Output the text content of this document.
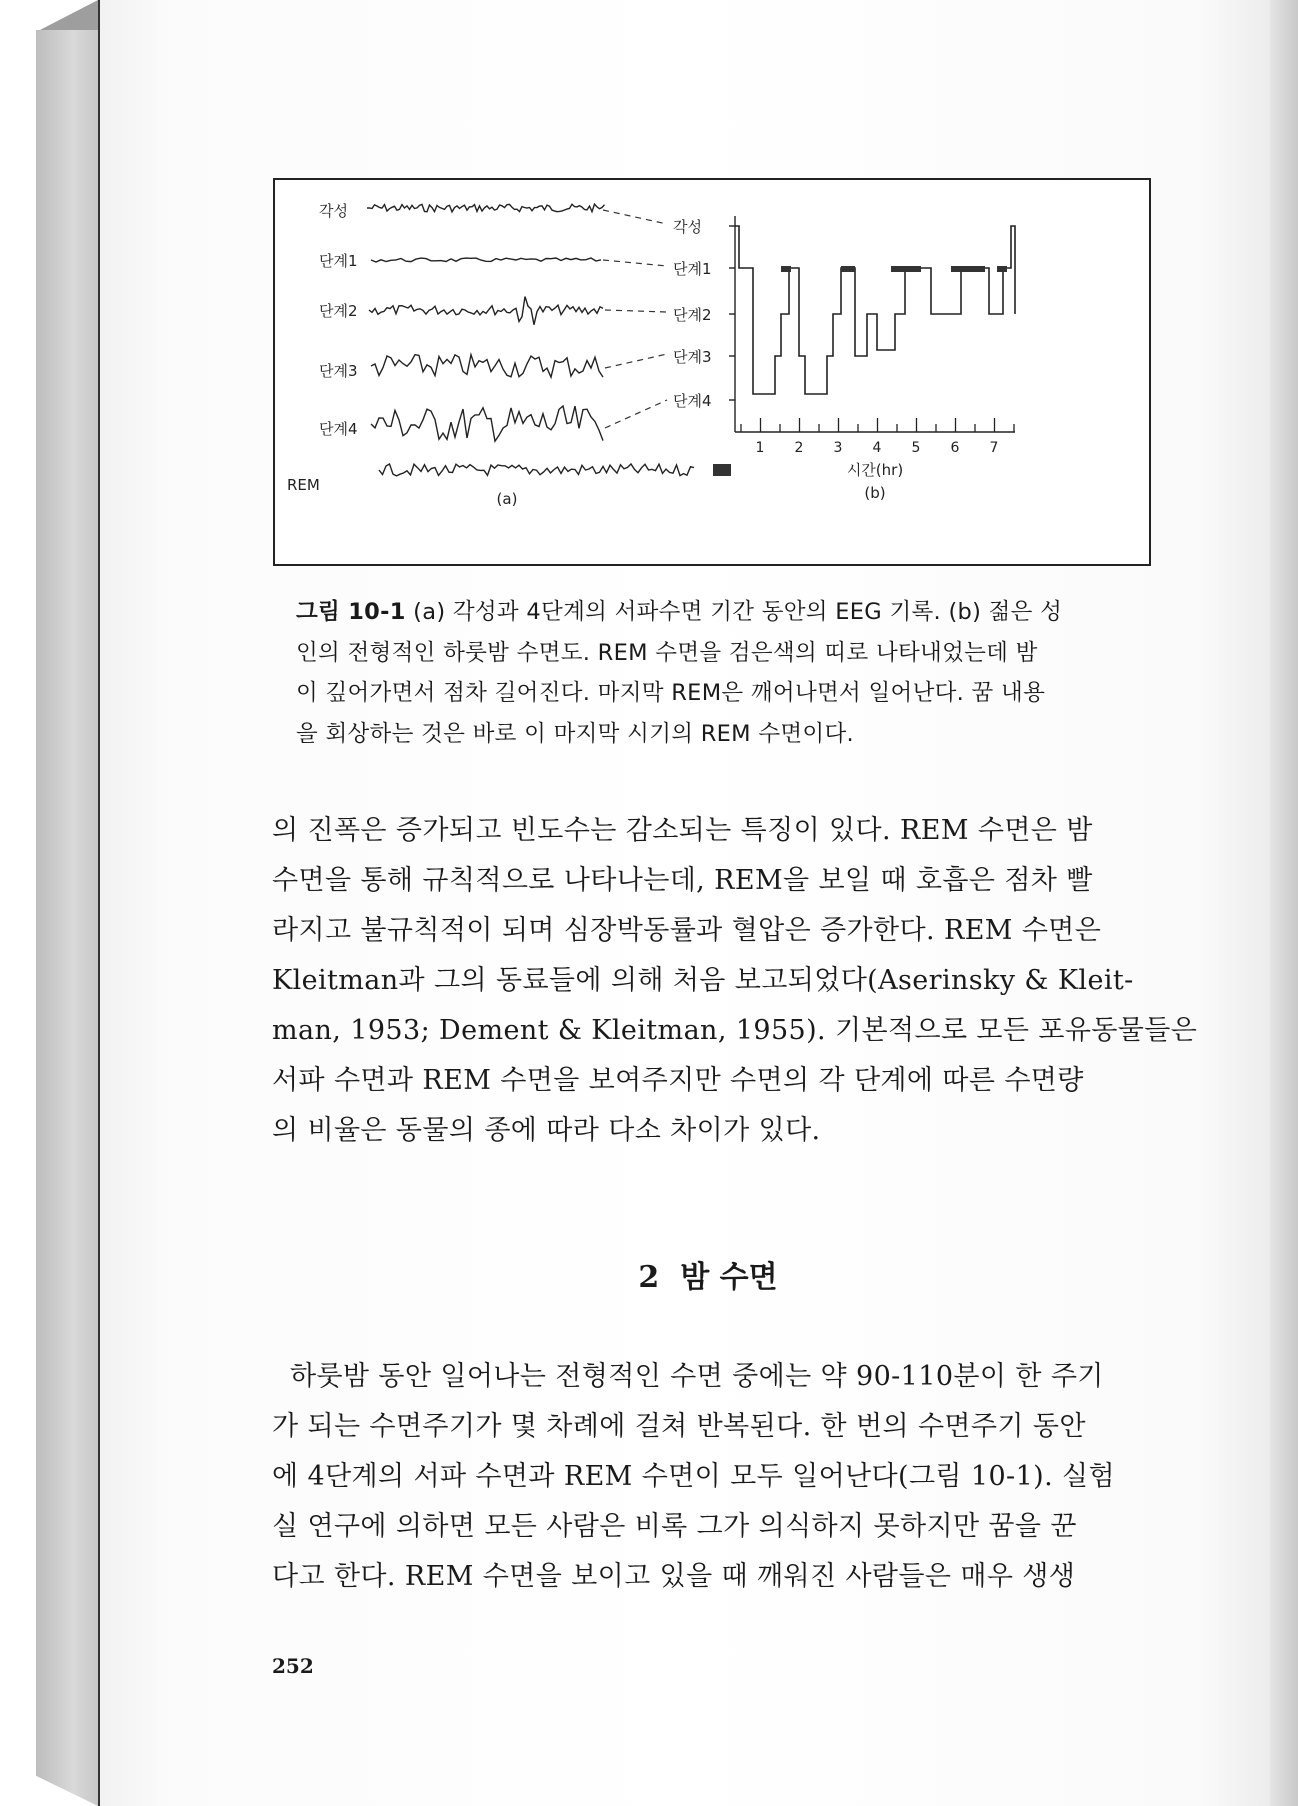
각성
단계1
단계2
단계3
단계4
REM
각성
단계1
단계2
단계3
단계4
1 2 3 4 5 6 7
시간(hr)
(b)
(a)

그림 10-1 (a) 각성과 4단계의 서파수면 기간 동안의 EEG 기록. (b) 젊은 성

인의 전형적인 하룻밤 수면도. REM 수면을 검은색의 띠로 나타내었는데 밤

이 깊어가면서 점차 길어진다. 마지막 REM은 깨어나면서 일어난다. 꿈 내용

을 회상하는 것은 바로 이 마지막 시기의 REM 수면이다.

의 진폭은 증가되고 빈도수는 감소되는 특징이 있다. REM 수면은 밤

수면을 통해 규칙적으로 나타나는데, REM을 보일 때 호흡은 점차 빨

라지고 불규칙적이 되며 심장박동률과 혈압은 증가한다. REM 수면은

Kleitman과 그의 동료들에 의해 처음 보고되었다(Aserinsky & Kleit-

man, 1953; Dement & Kleitman, 1955). 기본적으로 모든 포유동물들은

서파 수면과 REM 수면을 보여주지만 수면의 각 단계에 따른 수면량

의 비율은 동물의 종에 따라 다소 차이가 있다.

2 밤 수면

하룻밤 동안 일어나는 전형적인 수면 중에는 약 90-110분이 한 주기

가 되는 수면주기가 몇 차례에 걸쳐 반복된다. 한 번의 수면주기 동안

에 4단계의 서파 수면과 REM 수면이 모두 일어난다(그림 10-1). 실험

실 연구에 의하면 모든 사람은 비록 그가 의식하지 못하지만 꿈을 꾼

다고 한다. REM 수면을 보이고 있을 때 깨워진 사람들은 매우 생생

252
